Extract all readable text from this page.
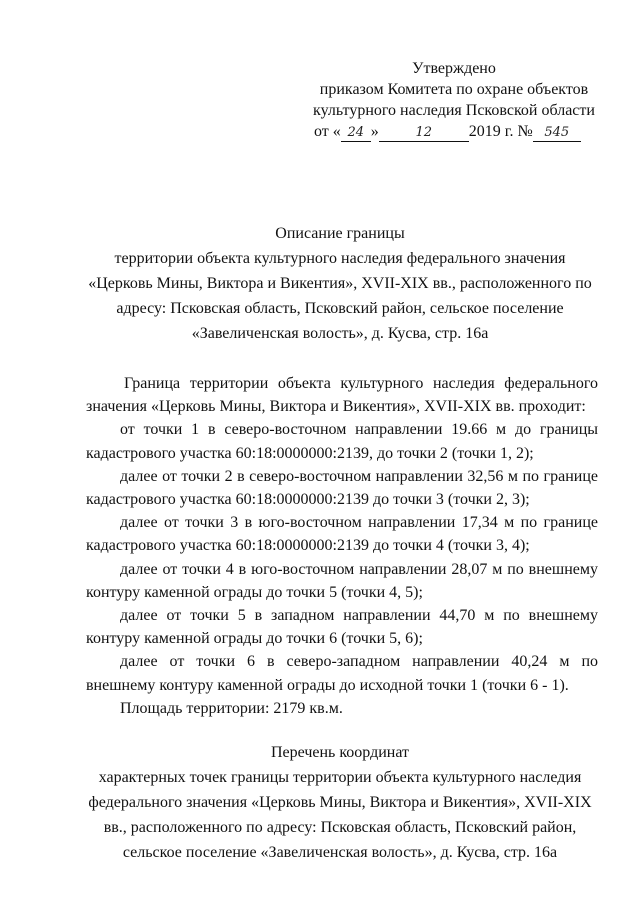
Утверждено
приказом Комитета по охране объектов
культурного наследия Псковской области
от « 24 »	12 2019 г. № 545
Описание границы
территории объекта культурного наследия федерального значения
«Церковь Мины, Виктора и Викентия», XVII-XIX вв., расположенного по
адресу: Псковская область, Псковский район, сельское поселение
«Завеличенская волость», д. Кусва, стр. 16а

Граница территории объекта культурного наследия федерального значения «Церковь Мины, Виктора и Викентия», XVII-XIX вв. проходит:

от точки 1 в северо-восточном направлении 19.66 м до границы кадастрового участка 60:18:0000000:2139, до точки 2 (точки 1, 2);

далее от точки 2 в северо-восточном направлении 32,56 м по границе кадастрового участка 60:18:0000000:2139 до точки 3 (точки 2, 3);

далее от точки 3 в юго-восточном направлении 17,34 м по границе кадастрового участка 60:18:0000000:2139 до точки 4 (точки 3, 4);

далее от точки 4 в юго-восточном направлении 28,07 м по внешнему контуру каменной ограды до точки 5 (точки 4, 5);

далее от точки 5 в западном направлении 44,70 м по внешнему контуру каменной ограды до точки 6 (точки 5, 6);

далее от точки 6 в северо-западном направлении 40,24 м по внешнему контуру каменной ограды до исходной точки 1 (точки 6 - 1).

Площадь территории: 2179 кв.м.

Перечень координат
характерных точек границы территории объекта культурного наследия
федерального значения «Церковь Мины, Виктора и Викентия», XVII-XIX
вв., расположенного по адресу: Псковская область, Псковский район,
сельское поселение «Завеличенская волость», д. Кусва, стр. 16а
